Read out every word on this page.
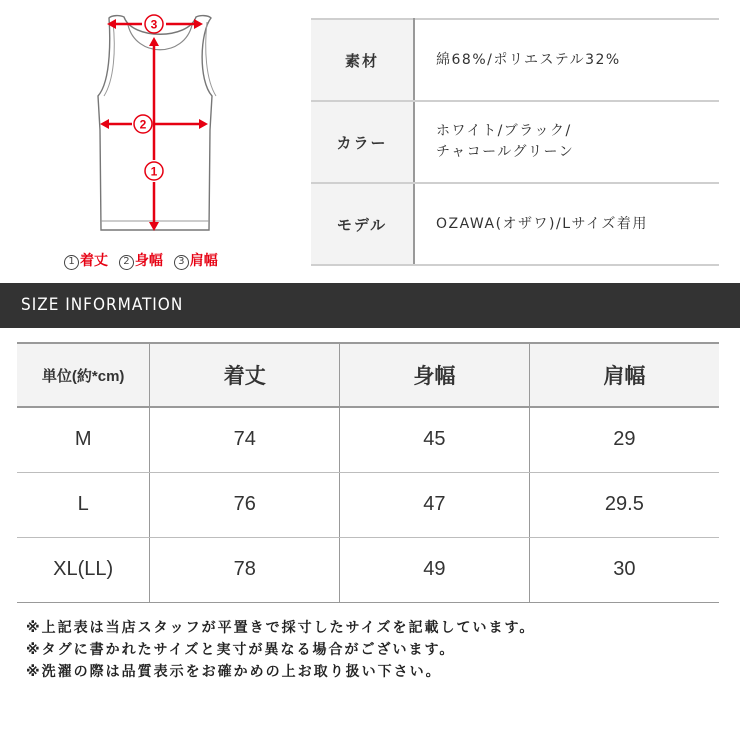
3
2
1
1 着丈 2 身幅 3 肩幅
素材	綿68%/ポリエステル32%

カラー	ホワイト/ブラック/
チャコールグリーン

モデル	OZAWA(オザワ)/Lサイズ着用
SIZE INFORMATION
単位(約*cm)	着丈	身幅	肩幅
M	74	45	29
L	76	47	29.5
XL(LL)	78	49	30
※上記表は当店スタッフが平置きで採寸したサイズを記載しています。
※タグに書かれたサイズと実寸が異なる場合がございます。
※洗濯の際は品質表示をお確かめの上お取り扱い下さい。
